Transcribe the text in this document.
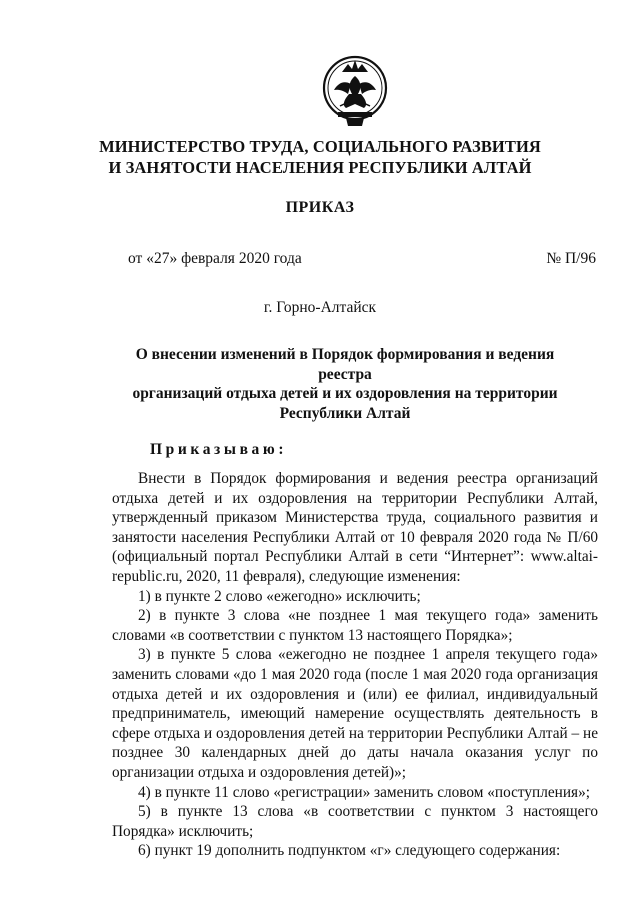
МИНИСТЕРСТВО ТРУДА, СОЦИАЛЬНОГО РАЗВИТИЯ
И ЗАНЯТОСТИ НАСЕЛЕНИЯ РЕСПУБЛИКИ АЛТАЙ
ПРИКАЗ
от «27» февраля 2020 года	№ П/96
г. Горно-Алтайск
О внесении изменений в Порядок формирования и ведения реестра
организаций отдыха детей и их оздоровления на территории
Республики Алтай
Приказываю:

Внести в Порядок формирования и ведения реестра организаций отдыха детей и их оздоровления на территории Республики Алтай, утвержденный приказом Министерства труда, социального развития и занятости населения Республики Алтай от 10 февраля 2020 года № П/60 (официальный портал Республики Алтай в сети “Интернет”: www.altai-republic.ru, 2020, 11 февраля), следующие изменения:

1) в пункте 2 слово «ежегодно» исключить;

2) в пункте 3 слова «не позднее 1 мая текущего года» заменить словами «в соответствии с пунктом 13 настоящего Порядка»;

3) в пункте 5 слова «ежегодно не позднее 1 апреля текущего года» заменить словами «до 1 мая 2020 года (после 1 мая 2020 года организация отдыха детей и их оздоровления и (или) ее филиал, индивидуальный предприниматель, имеющий намерение осуществлять деятельность в сфере отдыха и оздоровления детей на территории Республики Алтай – не позднее 30 календарных дней до даты начала оказания услуг по организации отдыха и оздоровления детей)»;

4) в пункте 11 слово «регистрации» заменить словом «поступления»;

5) в пункте 13 слова «в соответствии с пунктом 3 настоящего Порядка» исключить;

6) пункт 19 дополнить подпунктом «г» следующего содержания:
